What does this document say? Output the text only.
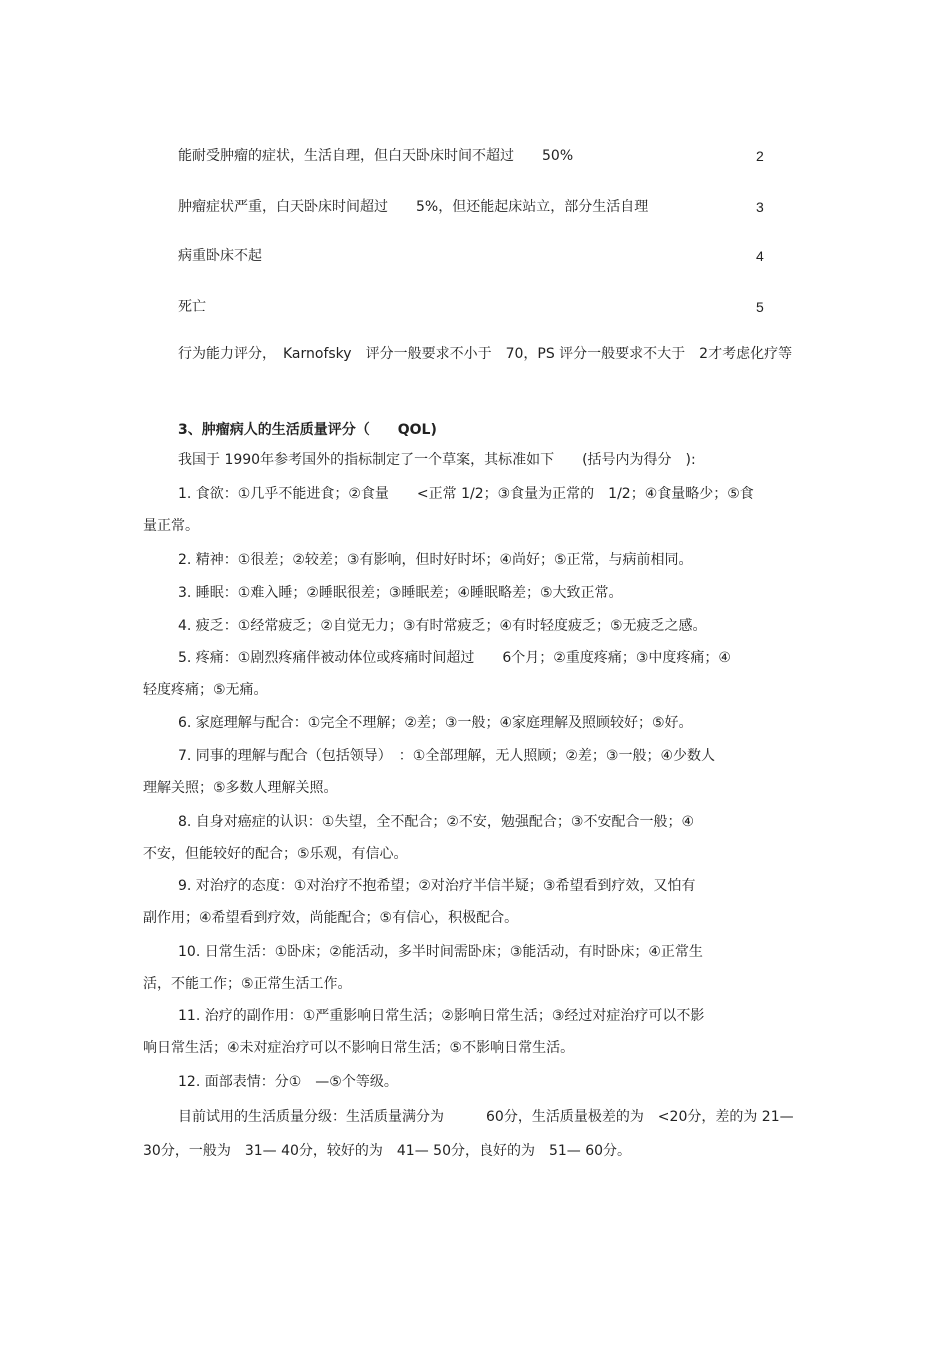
能耐受肿瘤的症状，生活自理，但白天卧床时间不超过　　50%	2
肿瘤症状严重，白天卧床时间超过　　5%，但还能起床站立，部分生活自理	3
病重卧床不起	4
死亡	5
行为能力评分，　Karnofsky　评分一般要求不小于　70，PS 评分一般要求不大于　2才考虑化疗等
3、肿瘤病人的生活质量评分（　　QOL)
我国于 1990年参考国外的指标制定了一个草案，其标准如下　　(括号内为得分　):
1. 食欲：①几乎不能进食；②食量　　<正常 1/2；③食量为正常的　1/2；④食量略少；⑤食
量正常。
2. 精神：①很差；②较差；③有影响，但时好时坏；④尚好；⑤正常，与病前相同。
3. 睡眠：①难入睡；②睡眠很差；③睡眠差；④睡眠略差；⑤大致正常。
4. 疲乏：①经常疲乏；②自觉无力；③有时常疲乏；④有时轻度疲乏；⑤无疲乏之感。
5. 疼痛：①剧烈疼痛伴被动体位或疼痛时间超过　　6个月；②重度疼痛；③中度疼痛；④
轻度疼痛；⑤无痛。
6. 家庭理解与配合：①完全不理解；②差；③一般；④家庭理解及照顾较好；⑤好。
7. 同事的理解与配合（包括领导）　：①全部理解，无人照顾；②差；③一般；④少数人
理解关照；⑤多数人理解关照。
8. 自身对癌症的认识：①失望，全不配合；②不安，勉强配合；③不安配合一般；④
不安，但能较好的配合；⑤乐观，有信心。
9. 对治疗的态度：①对治疗不抱希望；②对治疗半信半疑；③希望看到疗效，又怕有
副作用；④希望看到疗效，尚能配合；⑤有信心，积极配合。
10. 日常生活：①卧床；②能活动，多半时间需卧床；③能活动，有时卧床；④正常生
活，不能工作；⑤正常生活工作。
11. 治疗的副作用：①严重影响日常生活；②影响日常生活；③经过对症治疗可以不影
响日常生活；④未对症治疗可以不影响日常生活；⑤不影响日常生活。
12. 面部表情：分①　—⑤个等级。
目前试用的生活质量分级：生活质量满分为　　　60分，生活质量极差的为　<20分，差的为 21— 30分，一般为　31— 40分，较好的为　41— 50分，良好的为　51— 60分。
